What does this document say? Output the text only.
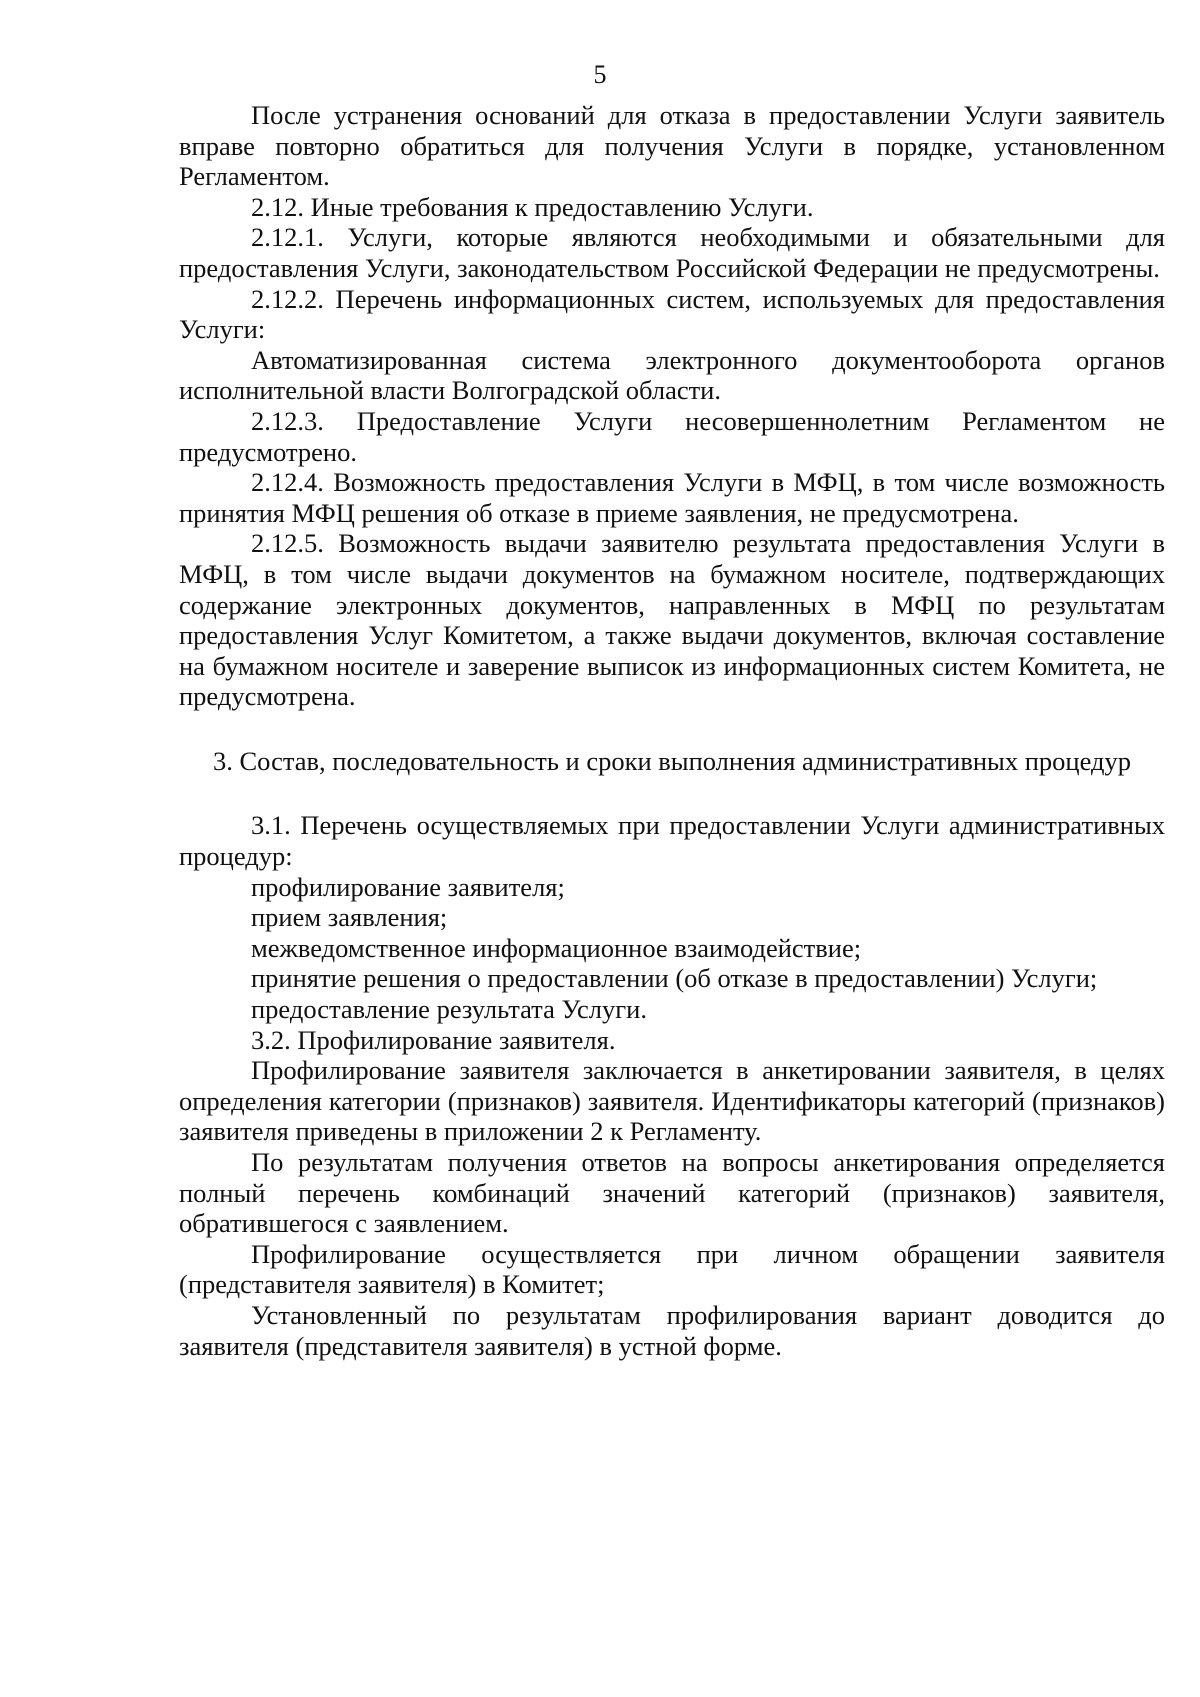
5

После устранения оснований для отказа в предоставлении Услуги заявитель вправе повторно обратиться для получения Услуги в порядке, установленном Регламентом.

2.12. Иные требования к предоставлению Услуги.

2.12.1. Услуги, которые являются необходимыми и обязательными для предоставления Услуги, законодательством Российской Федерации не предусмотрены.

2.12.2. Перечень информационных систем, используемых для предоставления Услуги:

Автоматизированная система электронного документооборота органов исполнительной власти Волгоградской области.

2.12.3. Предоставление Услуги несовершеннолетним Регламентом не предусмотрено.

2.12.4. Возможность предоставления Услуги в МФЦ, в том числе возможность принятия МФЦ решения об отказе в приеме заявления, не предусмотрена.

2.12.5. Возможность выдачи заявителю результата предоставления Услуги в МФЦ, в том числе выдачи документов на бумажном носителе, подтверждающих содержание электронных документов, направленных в МФЦ по результатам предоставления Услуг Комитетом, а также выдачи документов, включая составление на бумажном носителе и заверение выписок из информационных систем Комитета, не предусмотрена.

3. Состав, последовательность и сроки выполнения административных процедур

3.1. Перечень осуществляемых при предоставлении Услуги административных процедур:

профилирование заявителя;

прием заявления;

межведомственное информационное взаимодействие;

принятие решения о предоставлении (об отказе в предоставлении) Услуги;

предоставление результата Услуги.

3.2. Профилирование заявителя.

Профилирование заявителя заключается в анкетировании заявителя, в целях определения категории (признаков) заявителя. Идентификаторы категорий (признаков) заявителя приведены в приложении 2 к Регламенту.

По результатам получения ответов на вопросы анкетирования определяется полный перечень комбинаций значений категорий (признаков) заявителя, обратившегося с заявлением.

Профилирование осуществляется при личном обращении заявителя (представителя заявителя) в Комитет;

Установленный по результатам профилирования вариант доводится до заявителя (представителя заявителя) в устной форме.
